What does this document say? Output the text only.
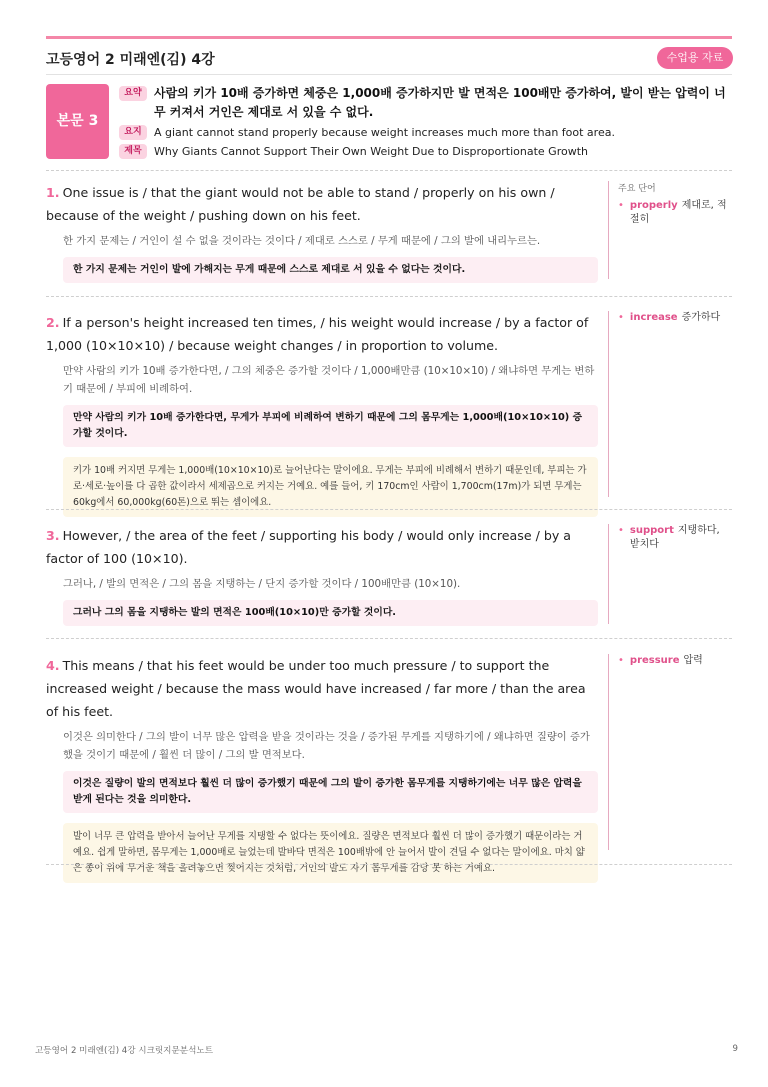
고등영어 2 미래엔(김) 4강	수업용 자료
본문 3
요약	사람의 키가 10배 증가하면 체중은 1,000배 증가하지만 발 면적은 100배만 증가하여, 발이 받는 압력이 너무 커져서 거인은 제대로 서 있을 수 없다.
요지	A giant cannot stand properly because weight increases much more than foot area.
제목	Why Giants Cannot Support Their Own Weight Due to Disproportionate Growth
1. One issue is / that the giant would not be able to stand / properly on his own / because of the weight / pushing down on his feet.
한 가지 문제는 / 거인이 설 수 없을 것이라는 것이다 / 제대로 스스로 / 무게 때문에 / 그의 발에 내리누르는.
한 가지 문제는 거인이 발에 가해지는 무게 때문에 스스로 제대로 서 있을 수 없다는 것이다.
주요 단어
• properly 제대로, 적절히
2. If a person's height increased ten times, / his weight would increase / by a factor of 1,000 (10×10×10) / because weight changes / in proportion to volume.
만약 사람의 키가 10배 증가한다면, / 그의 체중은 증가할 것이다 / 1,000배만큼 (10×10×10) / 왜냐하면 무게는 변하기 때문에 / 부피에 비례하여.
만약 사람의 키가 10배 증가한다면, 무게가 부피에 비례하여 변하기 때문에 그의 몸무게는 1,000배(10×10×10) 증가할 것이다.
키가 10배 커지면 무게는 1,000배(10×10×10)로 늘어난다는 말이에요. 무게는 부피에 비례해서 변하기 때문인데, 부피는 가로·세로·높이를 다 곱한 값이라서 세제곱으로 커지는 거예요. 예를 들어, 키 170cm인 사람이 1,700cm(17m)가 되면 무게는 60kg에서 60,000kg(60톤)으로 뛰는 셈이에요.
• increase 증가하다
3. However, / the area of the feet / supporting his body / would only increase / by a factor of 100 (10×10).
그러나, / 발의 면적은 / 그의 몸을 지탱하는 / 단지 증가할 것이다 / 100배만큼 (10×10).
그러나 그의 몸을 지탱하는 발의 면적은 100배(10×10)만 증가할 것이다.
• support 지탱하다, 받치다
4. This means / that his feet would be under too much pressure / to support the increased weight / because the mass would have increased / far more / than the area of his feet.
이것은 의미한다 / 그의 발이 너무 많은 압력을 받을 것이라는 것을 / 증가된 무게를 지탱하기에 / 왜냐하면 질량이 증가했을 것이기 때문에 / 훨씬 더 많이 / 그의 발 면적보다.
이것은 질량이 발의 면적보다 훨씬 더 많이 증가했기 때문에 그의 발이 증가한 몸무게를 지탱하기에는 너무 많은 압력을 받게 된다는 것을 의미한다.
발이 너무 큰 압력을 받아서 늘어난 무게를 지탱할 수 없다는 뜻이에요. 질량은 면적보다 훨씬 더 많이 증가했기 때문이라는 거예요. 쉽게 말하면, 몸무게는 1,000배로 늘었는데 발바닥 면적은 100배밖에 안 늘어서 발이 견딜 수 없다는 말이에요. 마치 얇은 종이 위에 무거운 책을 올려놓으면 찢어지는 것처럼, 거인의 발도 자기 몸무게를 감당 못 하는 거예요.
• pressure 압력
고등영어 2 미래엔(김) 4강 시크릿지문분석노트	9
